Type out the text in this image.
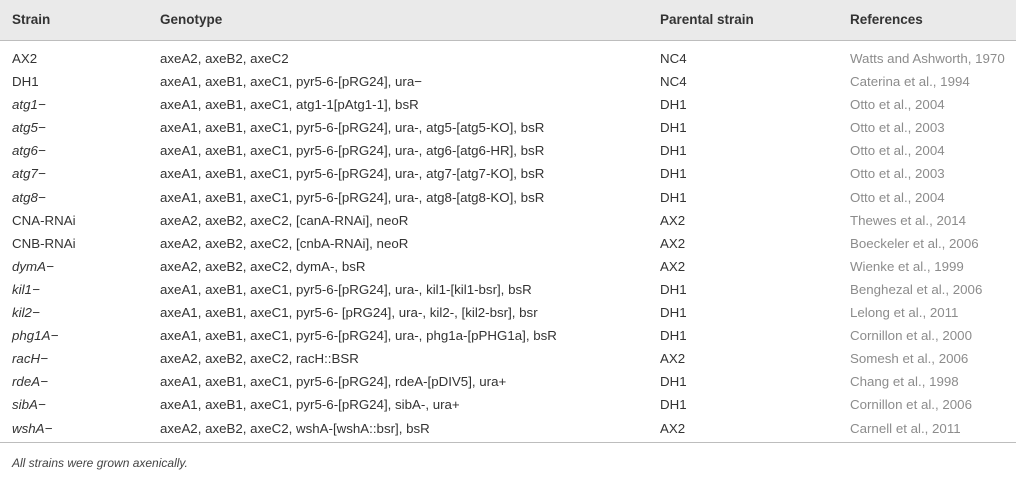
Strain	Genotype	Parental strain	References
AX2	axeA2, axeB2, axeC2	NC4	Watts and Ashworth, 1970
DH1	axeA1, axeB1, axeC1, pyr5-6-[pRG24], ura−	NC4	Caterina et al., 1994
atg1−	axeA1, axeB1, axeC1, atg1-1[pAtg1-1], bsR	DH1	Otto et al., 2004
atg5−	axeA1, axeB1, axeC1, pyr5-6-[pRG24], ura-, atg5-[atg5-KO], bsR	DH1	Otto et al., 2003
atg6−	axeA1, axeB1, axeC1, pyr5-6-[pRG24], ura-, atg6-[atg6-HR], bsR	DH1	Otto et al., 2004
atg7−	axeA1, axeB1, axeC1, pyr5-6-[pRG24], ura-, atg7-[atg7-KO], bsR	DH1	Otto et al., 2003
atg8−	axeA1, axeB1, axeC1, pyr5-6-[pRG24], ura-, atg8-[atg8-KO], bsR	DH1	Otto et al., 2004
CNA-RNAi	axeA2, axeB2, axeC2, [canA-RNAi], neoR	AX2	Thewes et al., 2014
CNB-RNAi	axeA2, axeB2, axeC2, [cnbA-RNAi], neoR	AX2	Boeckeler et al., 2006
dymA−	axeA2, axeB2, axeC2, dymA-, bsR	AX2	Wienke et al., 1999
kil1−	axeA1, axeB1, axeC1, pyr5-6-[pRG24], ura-, kil1-[kil1-bsr], bsR	DH1	Benghezal et al., 2006
kil2−	axeA1, axeB1, axeC1, pyr5-6- [pRG24], ura-, kil2-, [kil2-bsr], bsr	DH1	Lelong et al., 2011
phg1A−	axeA1, axeB1, axeC1, pyr5-6-[pRG24], ura-, phg1a-[pPHG1a], bsR	DH1	Cornillon et al., 2000
racH−	axeA2, axeB2, axeC2, racH::BSR	AX2	Somesh et al., 2006
rdeA−	axeA1, axeB1, axeC1, pyr5-6-[pRG24], rdeA-[pDIV5], ura+	DH1	Chang et al., 1998
sibA−	axeA1, axeB1, axeC1, pyr5-6-[pRG24], sibA-, ura+	DH1	Cornillon et al., 2006
wshA−	axeA2, axeB2, axeC2, wshA-[wshA::bsr], bsR	AX2	Carnell et al., 2011
All strains were grown axenically.
